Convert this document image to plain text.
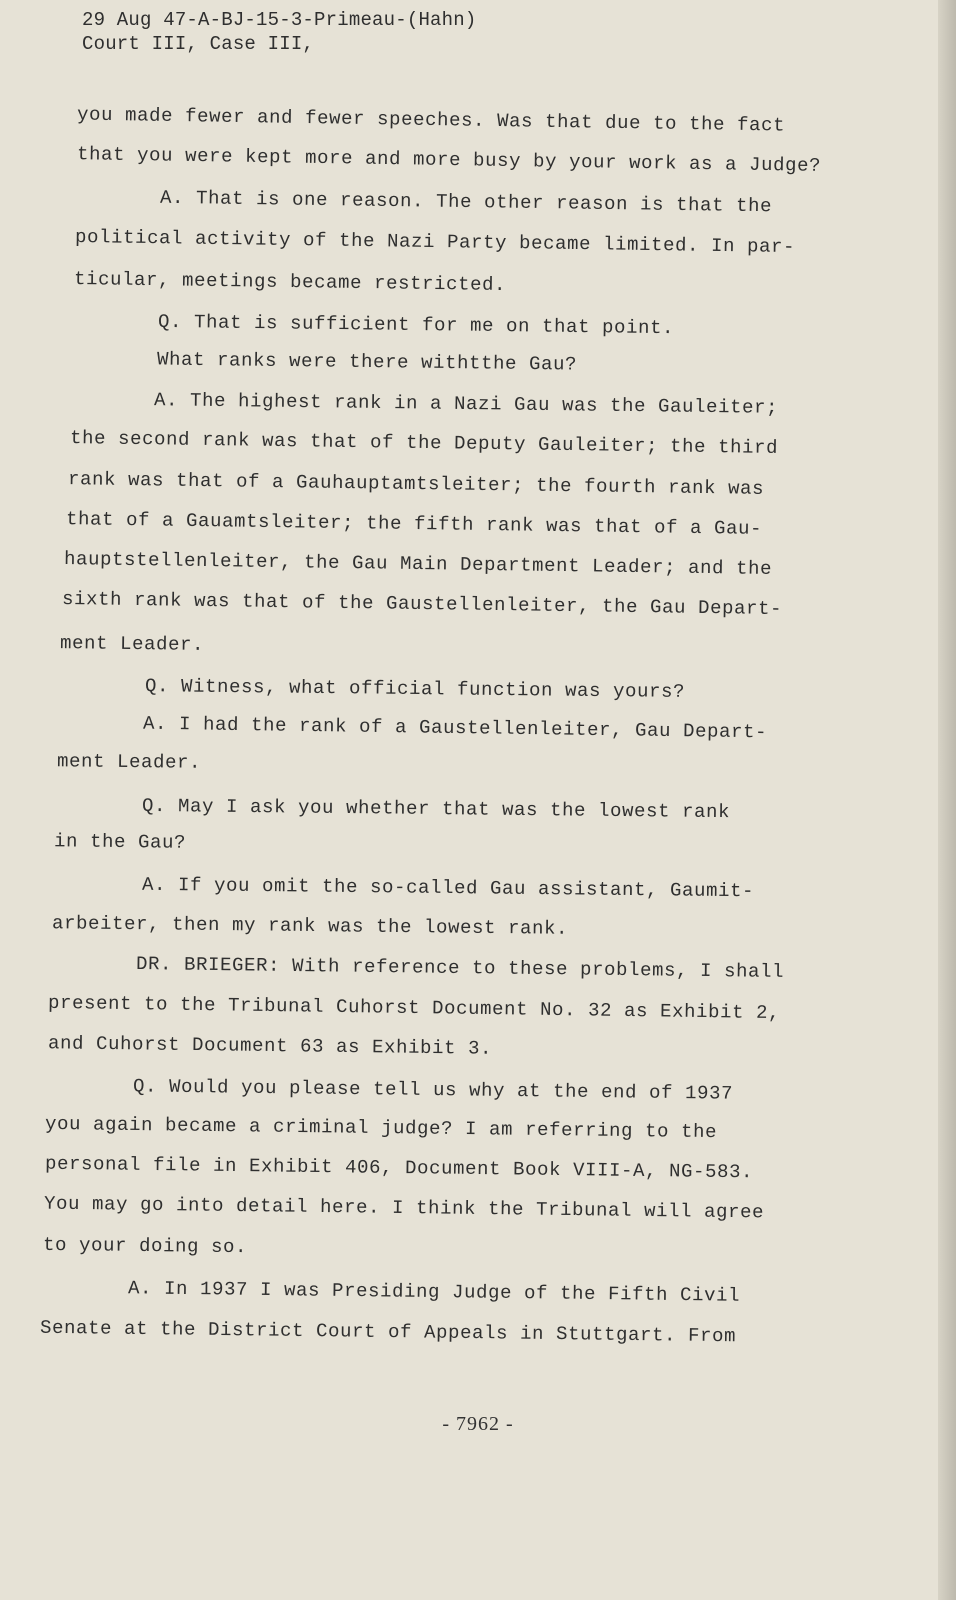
29 Aug 47-A-BJ-15-3-Primeau-(Hahn)
Court III, Case III,
you made fewer and fewer speeches. Was that due to the fact
that you were kept more and more busy by your work as a Judge?
A. That is one reason. The other reason is that the
political activity of the Nazi Party became limited. In par-
ticular, meetings became restricted.
Q. That is sufficient for me on that point.
What ranks were there withtthe Gau?
A. The highest rank in a Nazi Gau was the Gauleiter;
the second rank was that of the Deputy Gauleiter; the third
rank was that of a Gauhauptamtsleiter; the fourth rank was
that of a Gauamtsleiter; the fifth rank was that of a Gau-
hauptstellenleiter, the Gau Main Department Leader; and the
sixth rank was that of the Gaustellenleiter, the Gau Depart-
ment Leader.
Q. Witness, what official function was yours?
A. I had the rank of a Gaustellenleiter, Gau Depart-
ment Leader.
Q. May I ask you whether that was the lowest rank
in the Gau?
A. If you omit the so-called Gau assistant, Gaumit-
arbeiter, then my rank was the lowest rank.
DR. BRIEGER: With reference to these problems, I shall
present to the Tribunal Cuhorst Document No. 32 as Exhibit 2,
and Cuhorst Document 63 as Exhibit 3.
Q. Would you please tell us why at the end of 1937
you again became a criminal judge? I am referring to the
personal file in Exhibit 406, Document Book VIII-A, NG-583.
You may go into detail here. I think the Tribunal will agree
to your doing so.
A. In 1937 I was Presiding Judge of the Fifth Civil
Senate at the District Court of Appeals in Stuttgart. From
- 7962 -
